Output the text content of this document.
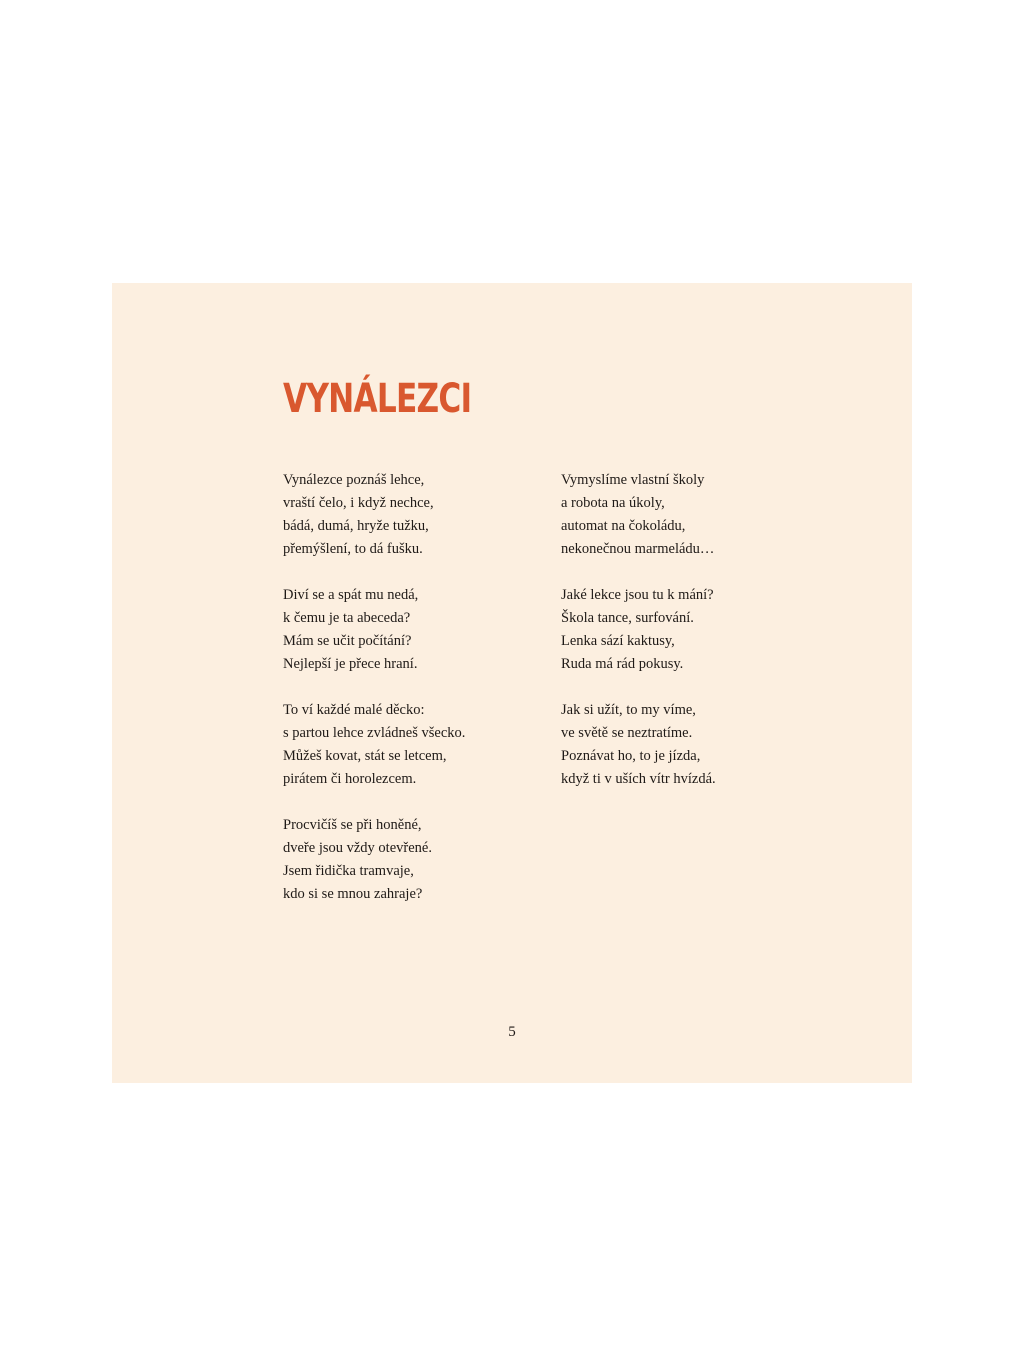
VYNÁLEZCI
Vynálezce poznáš lehce,
vraští čelo, i když nechce,
bádá, dumá, hryže tužku,
přemýšlení, to dá fušku.
Diví se a spát mu nedá,
k čemu je ta abeceda?
Mám se učit počítání?
Nejlepší je přece hraní.
To ví každé malé děcko:
s partou lehce zvládneš všecko.
Můžeš kovat, stát se letcem,
pirátem či horolezcem.
Procvičíš se při honěné,
dveře jsou vždy otevřené.
Jsem řidička tramvaje,
kdo si se mnou zahraje?
Vymyslíme vlastní školy
a robota na úkoly,
automat na čokoládu,
nekonečnou marmeládu…
Jaké lekce jsou tu k mání?
Škola tance, surfování.
Lenka sází kaktusy,
Ruda má rád pokusy.
Jak si užít, to my víme,
ve světě se neztratíme.
Poznávat ho, to je jízda,
když ti v uších vítr hvízdá.
5
